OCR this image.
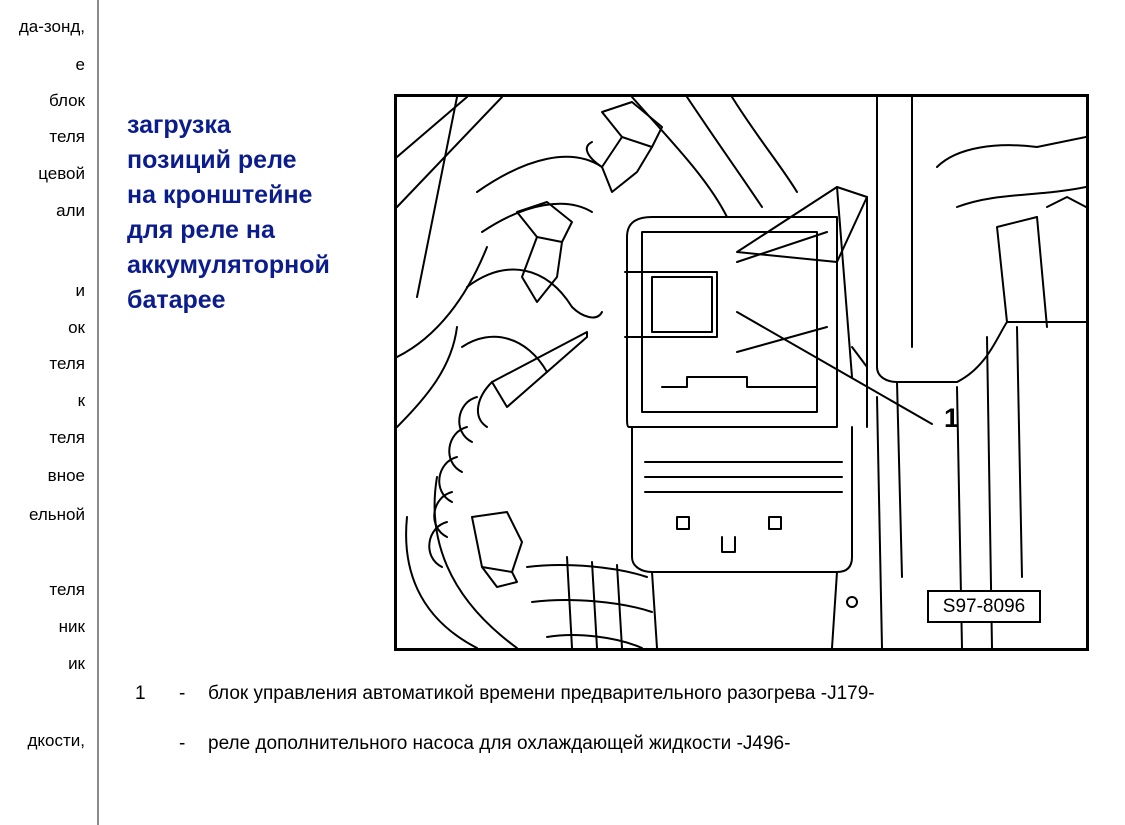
да-зонд,
е
блок
теля
цевой
али
и
ок
теля
к
теля
вное
ельной
теля
ник
ик
дкости,
загрузка
позиций реле
на кронштейне
для реле на
аккумуляторной
батарее
1
S97-8096
1 - блок управления автоматикой времени предварительного разогрева -J179-
- реле дополнительного насоса для охлаждающей жидкости -J496-
